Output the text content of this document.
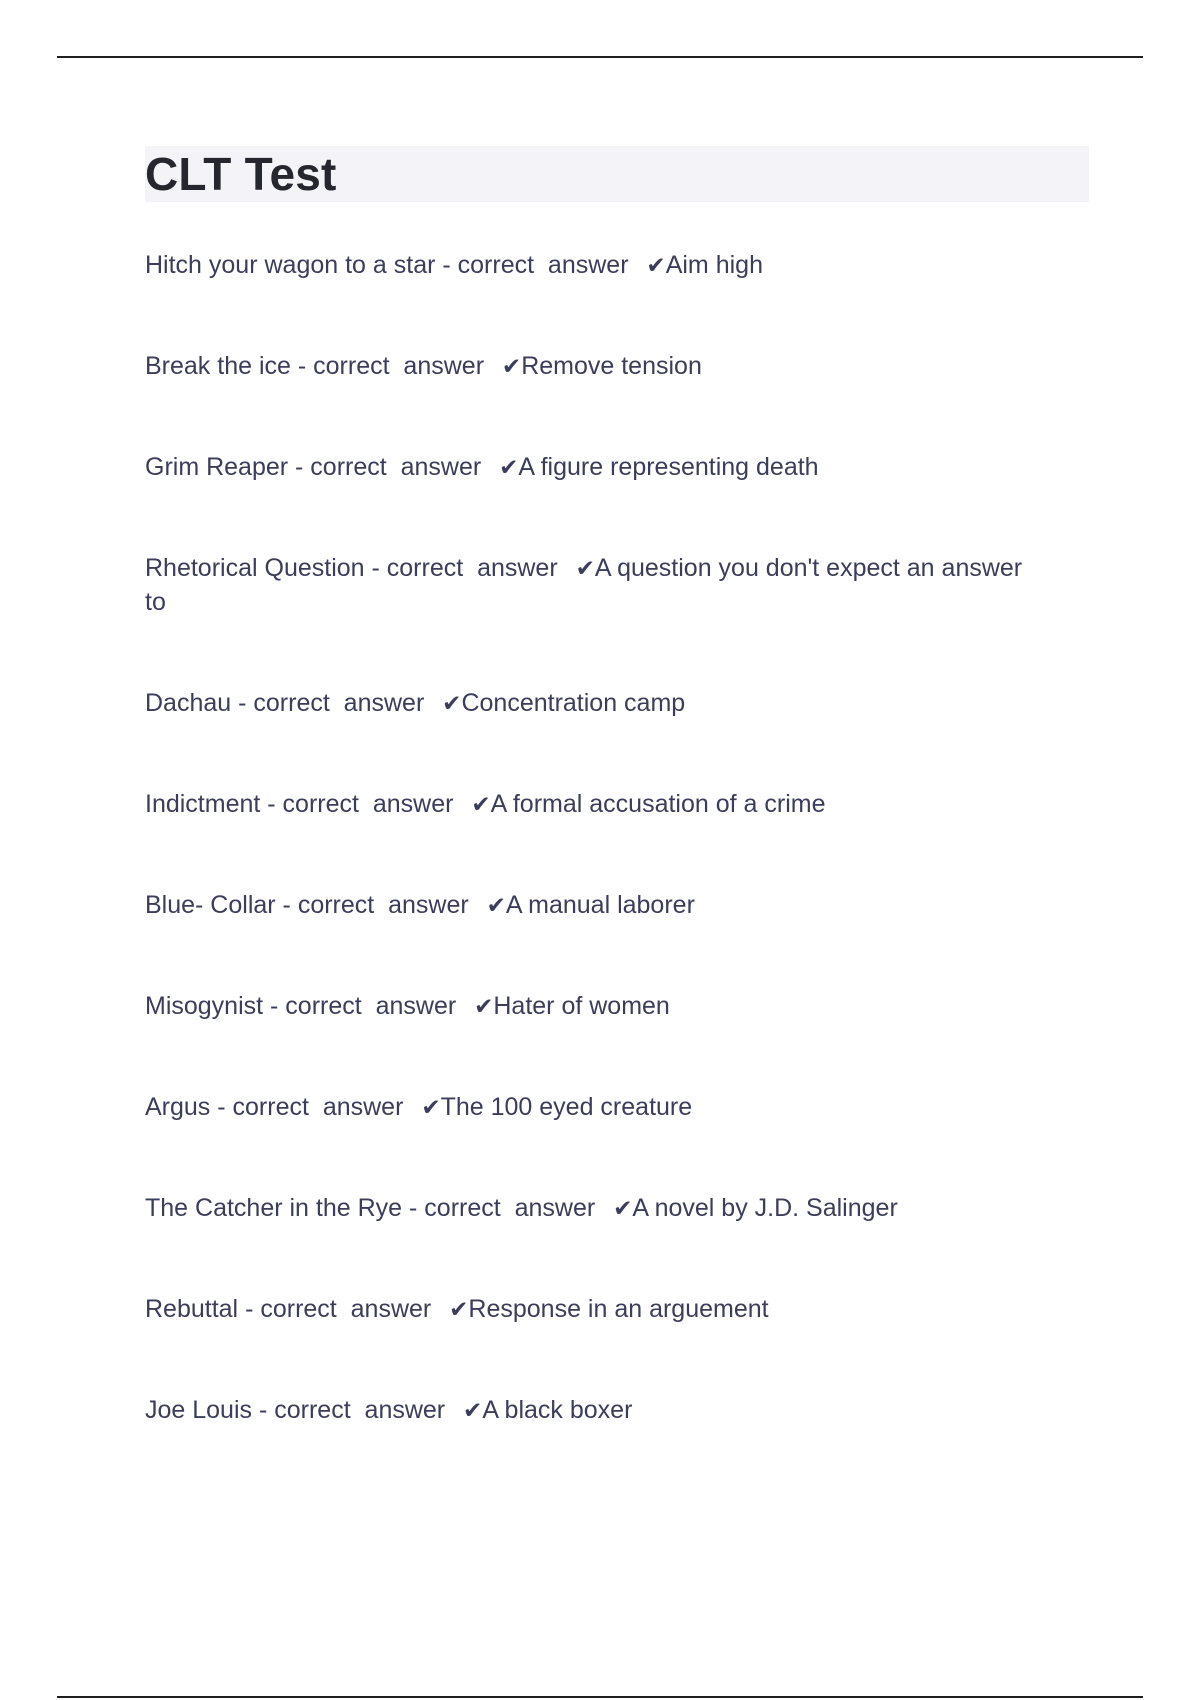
CLT Test
Hitch your wagon to a star - correct  answer  ✔Aim high
Break the ice - correct  answer  ✔Remove tension
Grim Reaper - correct  answer  ✔A figure representing death
Rhetorical Question - correct  answer  ✔A question you don't expect an answer to
Dachau - correct  answer  ✔Concentration camp
Indictment - correct  answer  ✔A formal accusation of a crime
Blue- Collar - correct  answer  ✔A manual laborer
Misogynist - correct  answer  ✔Hater of women
Argus - correct  answer  ✔The 100 eyed creature
The Catcher in the Rye - correct  answer  ✔A novel by J.D. Salinger
Rebuttal - correct  answer  ✔Response in an arguement
Joe Louis - correct  answer  ✔A black boxer
